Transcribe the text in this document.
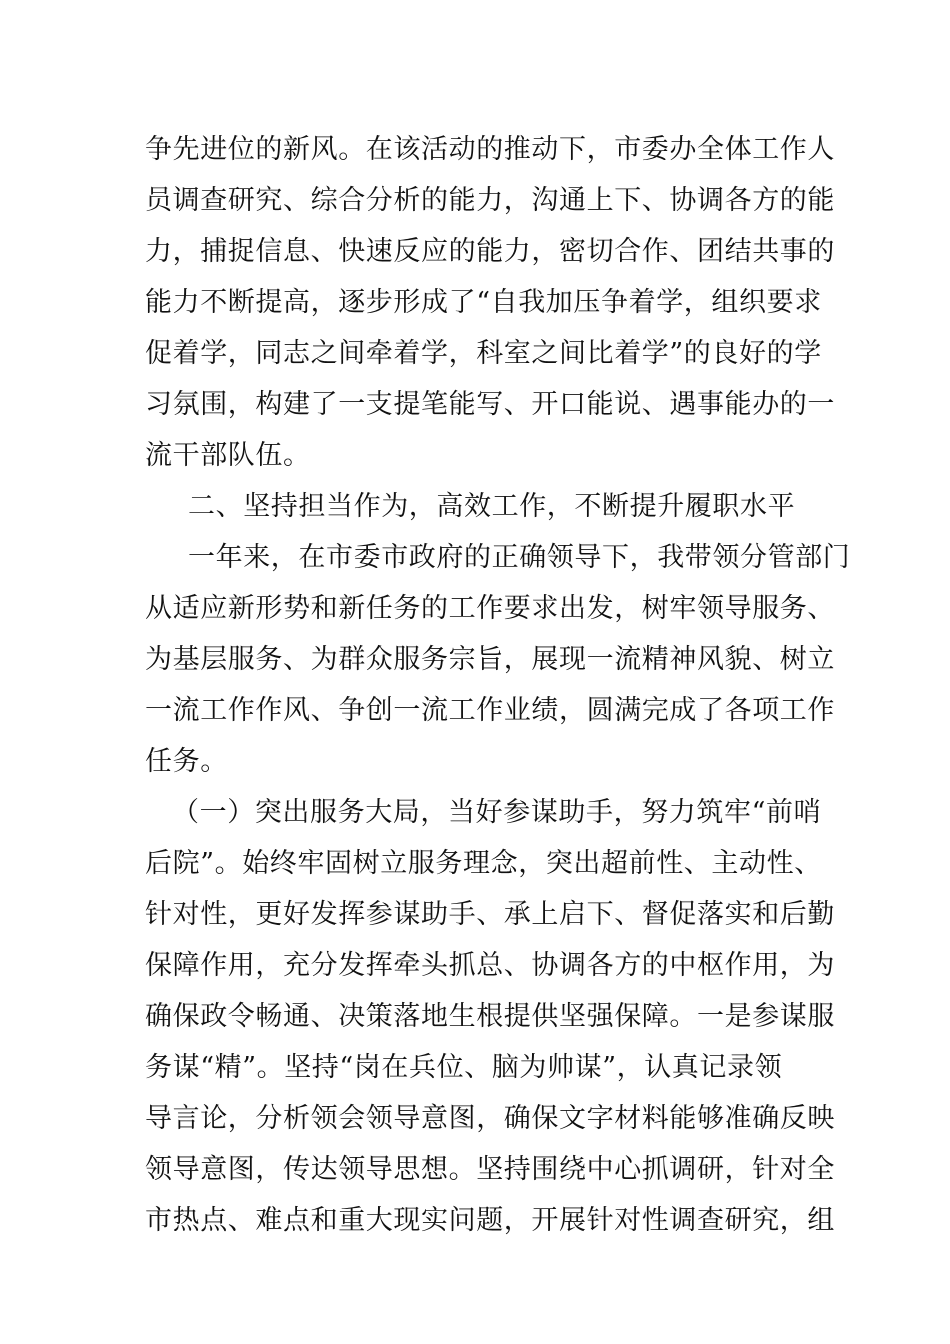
争先进位的新风。在该活动的推动下，市委办全体工作人
员调查研究、综合分析的能力，沟通上下、协调各方的能
力，捕捉信息、快速反应的能力，密切合作、团结共事的
能力不断提高，逐步形成了“自我加压争着学，组织要求
促着学，同志之间牵着学，科室之间比着学”的良好的学
习氛围，构建了一支提笔能写、开口能说、遇事能办的一
流干部队伍。
二、坚持担当作为，高效工作，不断提升履职水平
一年来，在市委市政府的正确领导下，我带领分管部门
从适应新形势和新任务的工作要求出发，树牢领导服务、
为基层服务、为群众服务宗旨，展现一流精神风貌、树立
一流工作作风、争创一流工作业绩，圆满完成了各项工作
任务。
（一）突出服务大局，当好参谋助手，努力筑牢“前哨
后院”。始终牢固树立服务理念，突出超前性、主动性、
针对性，更好发挥参谋助手、承上启下、督促落实和后勤
保障作用，充分发挥牵头抓总、协调各方的中枢作用，为
确保政令畅通、决策落地生根提供坚强保障。一是参谋服
务谋“精”。坚持“岗在兵位、脑为帅谋”，认真记录领
导言论，分析领会领导意图，确保文字材料能够准确反映
领导意图，传达领导思想。坚持围绕中心抓调研，针对全
市热点、难点和重大现实问题，开展针对性调查研究，组
